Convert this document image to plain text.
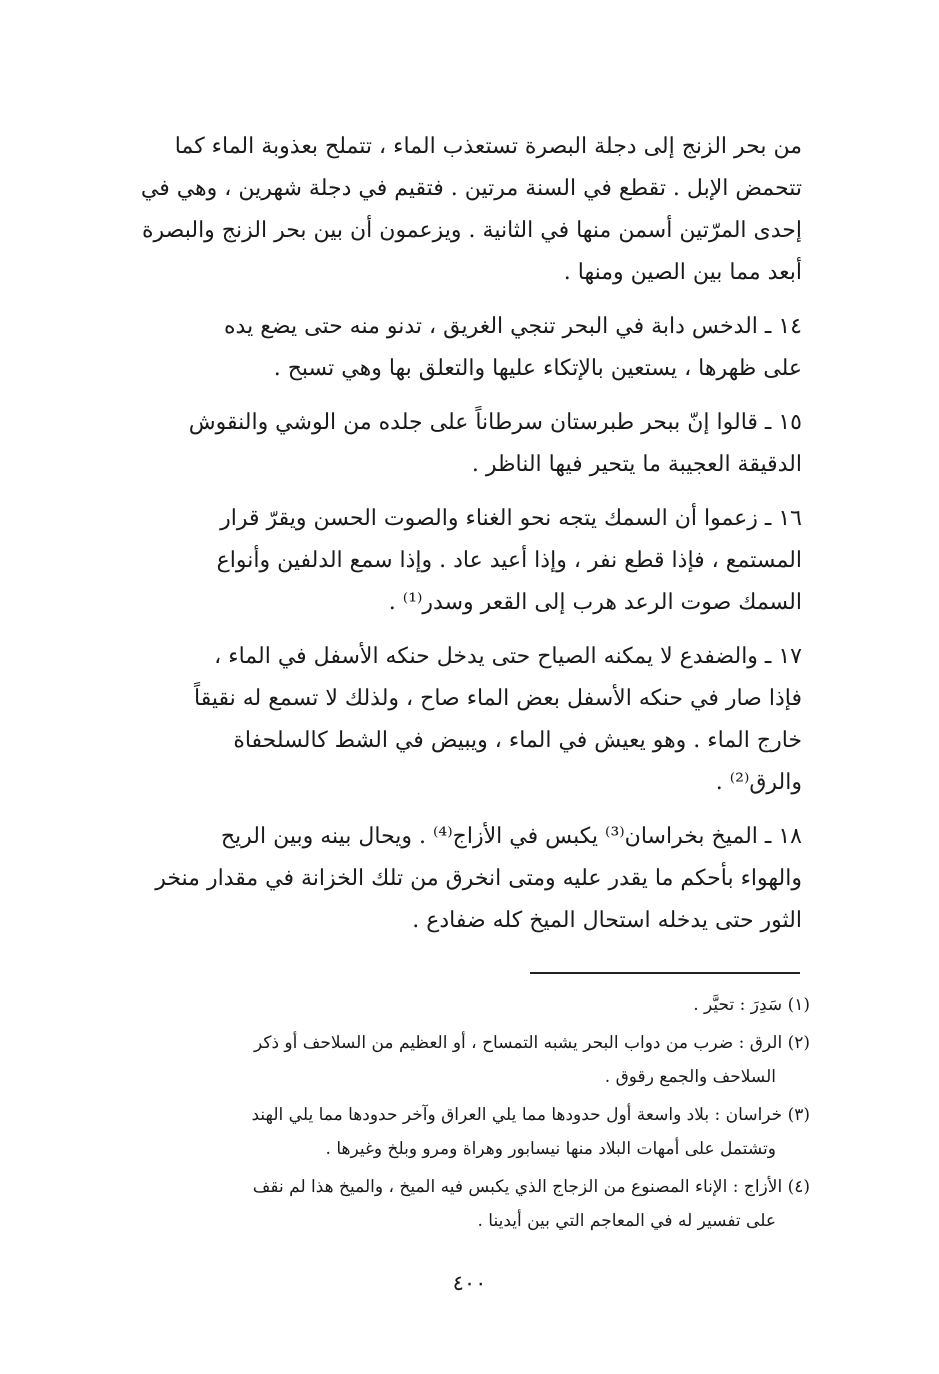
من بحر الزنج إلى دجلة البصرة تستعذب الماء ، تتملح بعذوبة الماء كما
تتحمض الإبل . تقطع في السنة مرتين . فتقيم في دجلة شهرين ، وهي في
إحدى المرّتين أسمن منها في الثانية . ويزعمون أن بين بحر الزنج والبصرة
أبعد مما بين الصين ومنها .
١٤ ـ الدخس دابة في البحر تنجي الغريق ، تدنو منه حتى يضع يده
على ظهرها ، يستعين بالإتكاء عليها والتعلق بها وهي تسبح .
١٥ ـ قالوا إنّ ببحر طبرستان سرطاناً على جلده من الوشي والنقوش
الدقيقة العجيبة ما يتحير فيها الناظر .
١٦ ـ زعموا أن السمك يتجه نحو الغناء والصوت الحسن ويقرّ قرار
المستمع ، فإذا قطع نفر ، وإذا أعيد عاد . وإذا سمع الدلفين وأنواع
السمك صوت الرعد هرب إلى القعر وسدر⁽¹⁾ .
١٧ ـ والضفدع لا يمكنه الصياح حتى يدخل حنكه الأسفل في الماء ،
فإذا صار في حنكه الأسفل بعض الماء صاح ، ولذلك لا تسمع له نقيقاً
خارج الماء . وهو يعيش في الماء ، ويبيض في الشط كالسلحفاة
والرق⁽²⁾ .
١٨ ـ الميخ بخراسان⁽³⁾ يكبس في الأزاج⁽⁴⁾ . ويحال بينه وبين الريح
والهواء بأحكم ما يقدر عليه ومتى انخرق من تلك الخزانة في مقدار منخر
الثور حتى يدخله استحال الميخ كله ضفادع .
(١) سَدِرَ : تحيَّر .
(٢) الرق : ضرب من دواب البحر يشبه التمساح ، أو العظيم من السلاحف أو ذكر
السلاحف والجمع رقوق .
(٣) خراسان : بلاد واسعة أول حدودها مما يلي العراق وآخر حدودها مما يلي الهند
وتشتمل على أمهات البلاد منها نيسابور وهراة ومرو وبلخ وغيرها .
(٤) الأزاج : الإناء المصنوع من الزجاج الذي يكبس فيه الميخ ، والميخ هذا لم نقف
على تفسير له في المعاجم التي بين أيدينا .
٤٠٠
